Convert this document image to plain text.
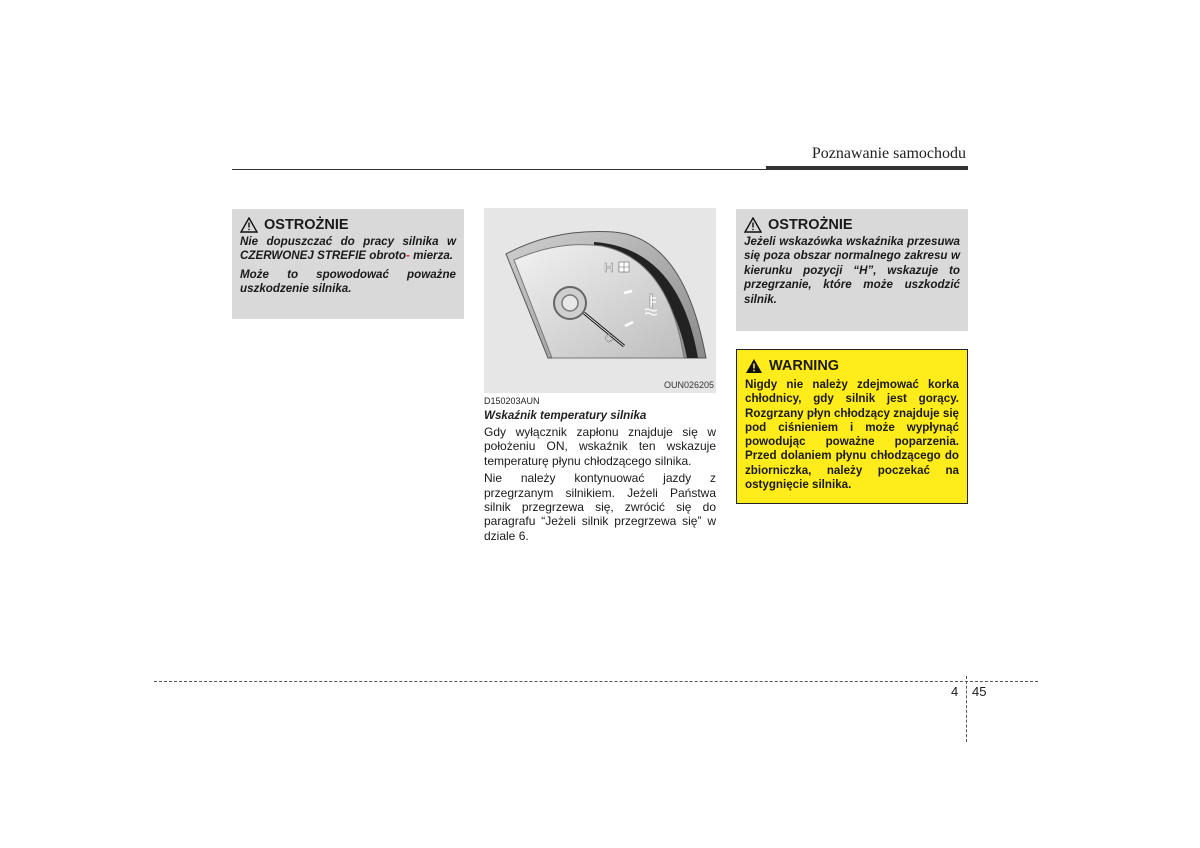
Poznawanie samochodu
OSTROŻNIE

Nie dopuszczać do pracy silnika w CZERWONEJ STREFIE obroto- mierza.

Może to spowodować poważne uszkodzenie silnika.

H
C
OUN026205
D150203AUN
Wskaźnik temperatury silnika

Gdy wyłącznik zapłonu znajduje się w położeniu ON, wskaźnik ten wskazuje temperaturę płynu chłodzącego silnika.

Nie należy kontynuować jazdy z przegrzanym silnikiem. Jeżeli Państwa silnik przegrzewa się, zwrócić się do paragrafu “Jeżeli silnik przegrzewa się” w dziale 6.

OSTROŻNIE

Jeżeli wskazówka wskaźnika przesuwa się poza obszar normalnego zakresu w kierunku pozycji “H”, wskazuje to przegrzanie, które może uszkodzić silnik.

WARNING

Nigdy nie należy zdejmować korka chłodnicy, gdy silnik jest gorący. Rozgrzany płyn chłodzący znajduje się pod ciśnieniem i może wypłynąć powodując poważne poparzenia. Przed dolaniem płynu chłodzącego do zbiorniczka, należy poczekać na ostygnięcie silnika.

4 45
